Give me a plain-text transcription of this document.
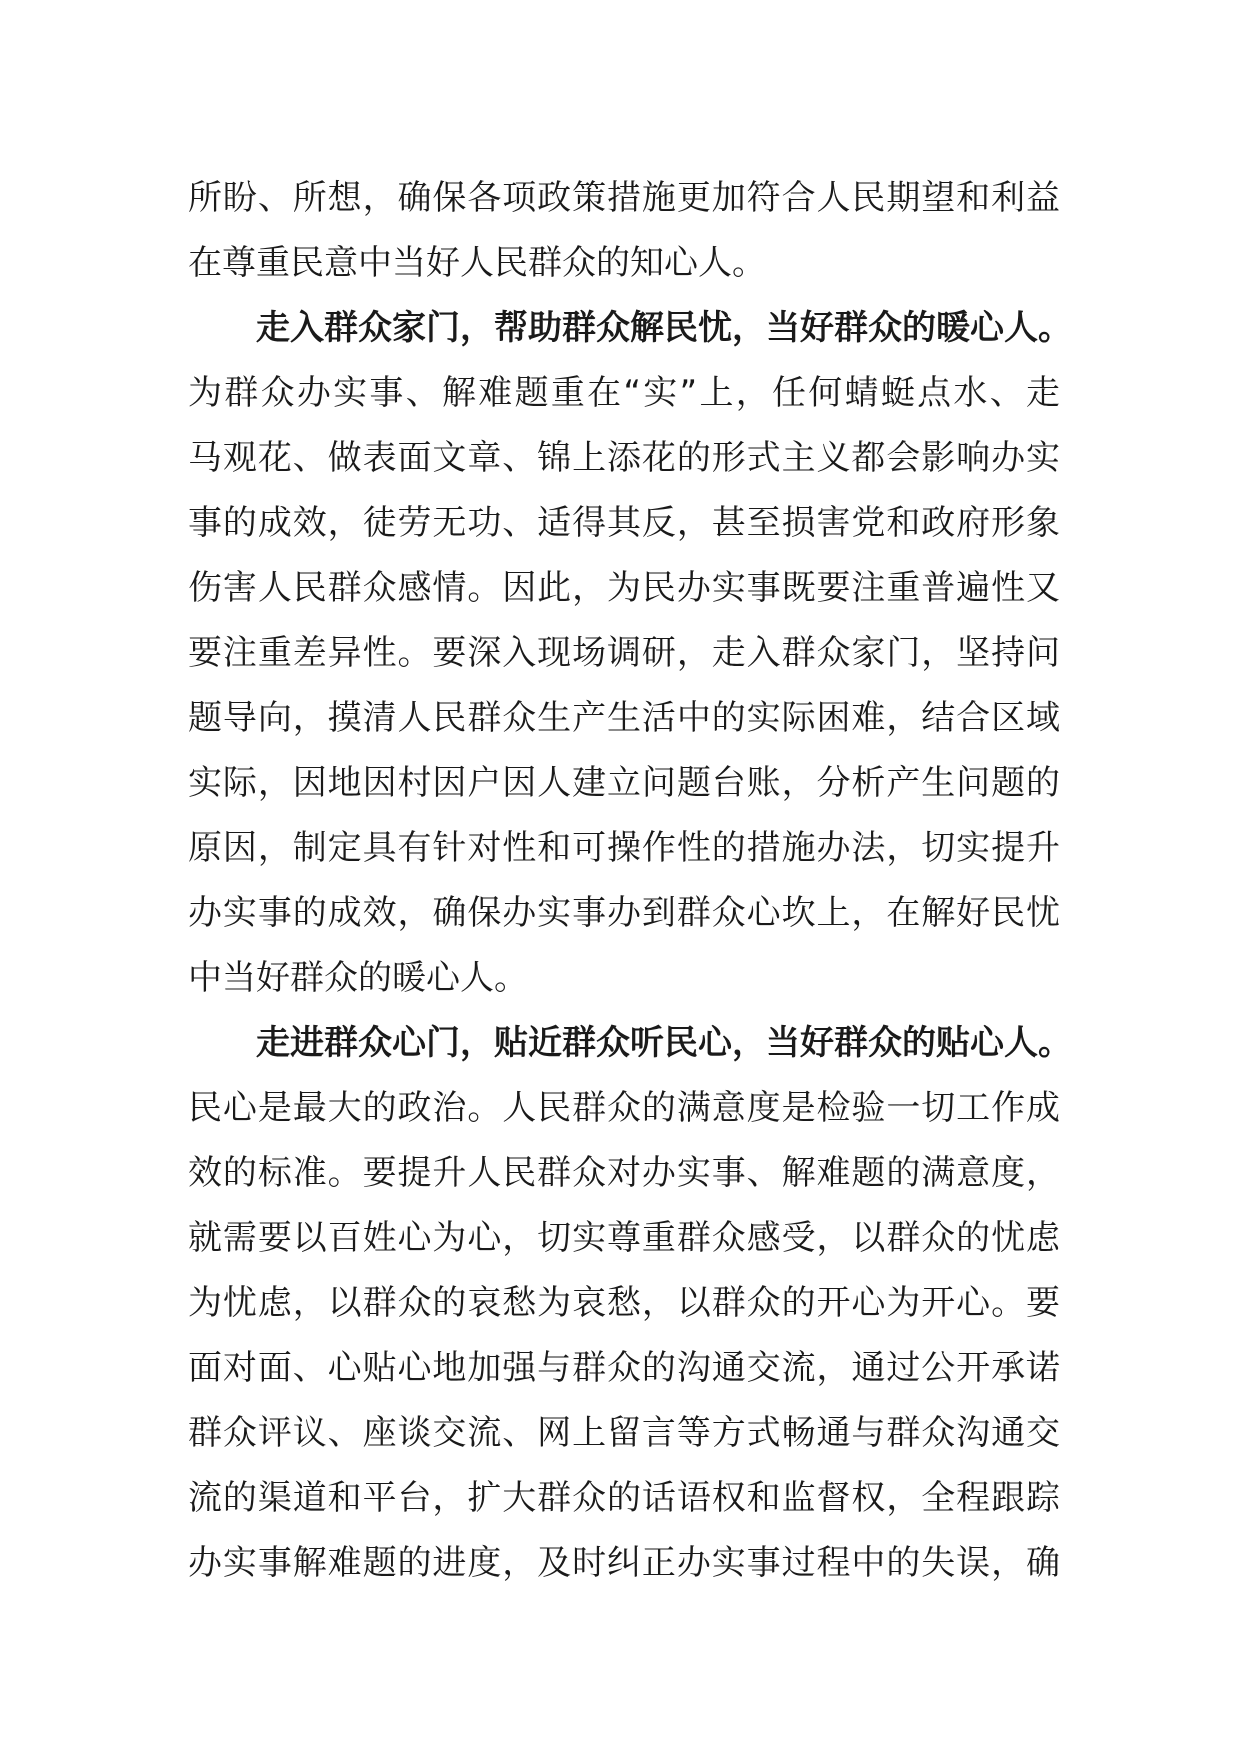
所盼、所想，确保各项政策措施更加符合人民期望和利益
在尊重民意中当好人民群众的知心人。
走入群众家门，帮助群众解民忧，当好群众的暖心人。
为群众办实事、解难题重在“实”上，任何蜻蜓点水、走
马观花、做表面文章、锦上添花的形式主义都会影响办实
事的成效，徒劳无功、适得其反，甚至损害党和政府形象
伤害人民群众感情。因此，为民办实事既要注重普遍性又
要注重差异性。要深入现场调研，走入群众家门，坚持问
题导向，摸清人民群众生产生活中的实际困难，结合区域
实际，因地因村因户因人建立问题台账，分析产生问题的
原因，制定具有针对性和可操作性的措施办法，切实提升
办实事的成效，确保办实事办到群众心坎上，在解好民忧
中当好群众的暖心人。
走进群众心门，贴近群众听民心，当好群众的贴心人。
民心是最大的政治。人民群众的满意度是检验一切工作成
效的标准。要提升人民群众对办实事、解难题的满意度，
就需要以百姓心为心，切实尊重群众感受，以群众的忧虑
为忧虑，以群众的哀愁为哀愁，以群众的开心为开心。要
面对面、心贴心地加强与群众的沟通交流，通过公开承诺
群众评议、座谈交流、网上留言等方式畅通与群众沟通交
流的渠道和平台，扩大群众的话语权和监督权，全程跟踪
办实事解难题的进度，及时纠正办实事过程中的失误，确
